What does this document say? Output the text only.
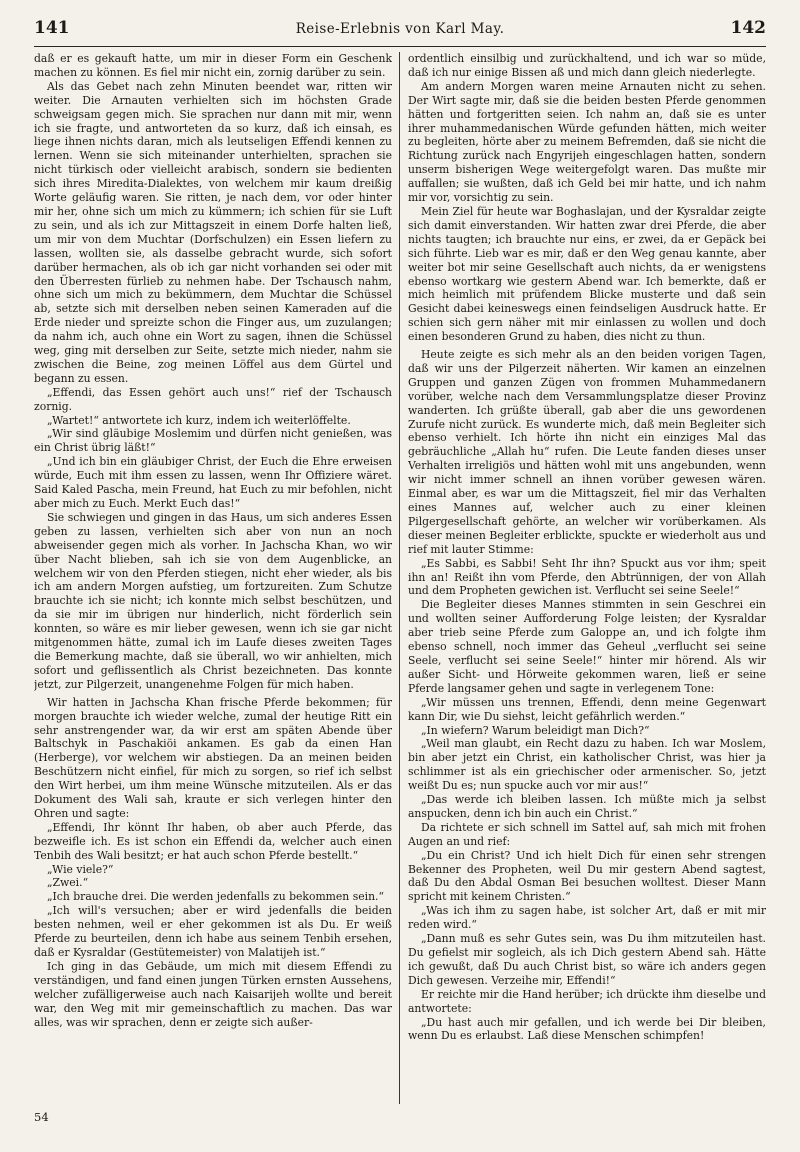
141	Reise-Erlebnis von Karl May.	142

daß er es gekauft hatte, um mir in dieser Form ein Geschenk machen zu können. Es fiel mir nicht ein, zornig darüber zu sein.

Als das Gebet nach zehn Minuten beendet war, ritten wir weiter. Die Arnauten verhielten sich im höchsten Grade schweigsam gegen mich. Sie sprachen nur dann mit mir, wenn ich sie fragte, und antworteten da so kurz, daß ich einsah, es liege ihnen nichts daran, mich als leutseligen Effendi kennen zu lernen. Wenn sie sich miteinander unterhielten, sprachen sie nicht türkisch oder vielleicht arabisch, sondern sie bedienten sich ihres Miredita-Dialektes, von welchem mir kaum dreißig Worte geläufig waren. Sie ritten, je nach dem, vor oder hinter mir her, ohne sich um mich zu kümmern; ich schien für sie Luft zu sein, und als ich zur Mittagszeit in einem Dorfe halten ließ, um mir von dem Muchtar (Dorfschulzen) ein Essen liefern zu lassen, wollten sie, als dasselbe gebracht wurde, sich sofort darüber hermachen, als ob ich gar nicht vorhanden sei oder mit den Überresten fürlieb zu nehmen habe. Der Tschausch nahm, ohne sich um mich zu bekümmern, dem Muchtar die Schüssel ab, setzte sich mit derselben neben seinen Kameraden auf die Erde nieder und spreizte schon die Finger aus, um zuzulangen; da nahm ich, auch ohne ein Wort zu sagen, ihnen die Schüssel weg, ging mit derselben zur Seite, setzte mich nieder, nahm sie zwischen die Beine, zog meinen Löffel aus dem Gürtel und begann zu essen.

„Effendi, das Essen gehört auch uns!“ rief der Tschausch zornig.

„Wartet!“ antwortete ich kurz, indem ich weiterlöffelte.

„Wir sind gläubige Moslemim und dürfen nicht genießen, was ein Christ übrig läßt!“

„Und ich bin ein gläubiger Christ, der Euch die Ehre erweisen würde, Euch mit ihm essen zu lassen, wenn Ihr Offiziere wäret. Said Kaled Pascha, mein Freund, hat Euch zu mir befohlen, nicht aber mich zu Euch. Merkt Euch das!“

Sie schwiegen und gingen in das Haus, um sich anderes Essen geben zu lassen, verhielten sich aber von nun an noch abweisender gegen mich als vorher. In Jachscha Khan, wo wir über Nacht blieben, sah ich sie von dem Augenblicke, an welchem wir von den Pferden stiegen, nicht eher wieder, als bis ich am andern Morgen aufstieg, um fortzureiten. Zum Schutze brauchte ich sie nicht; ich konnte mich selbst beschützen, und da sie mir im übrigen nur hinderlich, nicht förderlich sein konnten, so wäre es mir lieber gewesen, wenn ich sie gar nicht mitgenommen hätte, zumal ich im Laufe dieses zweiten Tages die Bemerkung machte, daß sie überall, wo wir anhielten, mich sofort und geflissentlich als Christ bezeichneten. Das konnte jetzt, zur Pilgerzeit, unangenehme Folgen für mich haben.

Wir hatten in Jachscha Khan frische Pferde bekommen; für morgen brauchte ich wieder welche, zumal der heutige Ritt ein sehr anstrengender war, da wir erst am späten Abende über Baltschyk in Paschakiöi ankamen. Es gab da einen Han (Herberge), vor welchem wir abstiegen. Da an meinen beiden Beschützern nicht einfiel, für mich zu sorgen, so rief ich selbst den Wirt herbei, um ihm meine Wünsche mitzuteilen. Als er das Dokument des Wali sah, kraute er sich verlegen hinter den Ohren und sagte:

„Effendi, Ihr könnt Ihr haben, ob aber auch Pferde, das bezweifle ich. Es ist schon ein Effendi da, welcher auch einen Tenbih des Wali besitzt; er hat auch schon Pferde bestellt.“

„Wie viele?“

„Zwei.“

„Ich brauche drei. Die werden jedenfalls zu bekommen sein.“

„Ich will's versuchen; aber er wird jedenfalls die beiden besten nehmen, weil er eher gekommen ist als Du. Er weiß Pferde zu beurteilen, denn ich habe aus seinem Tenbih ersehen, daß er Kysraldar (Gestütemeister) von Malatijeh ist.“

Ich ging in das Gebäude, um mich mit diesem Effendi zu verständigen, und fand einen jungen Türken ernsten Aussehens, welcher zufälligerweise auch nach Kaisarijeh wollte und bereit war, den Weg mit mir gemeinschaftlich zu machen. Das war alles, was wir sprachen, denn er zeigte sich außer-

ordentlich einsilbig und zurückhaltend, und ich war so müde, daß ich nur einige Bissen aß und mich dann gleich niederlegte.

Am andern Morgen waren meine Arnauten nicht zu sehen. Der Wirt sagte mir, daß sie die beiden besten Pferde genommen hätten und fortgeritten seien. Ich nahm an, daß sie es unter ihrer muhammedanischen Würde gefunden hätten, mich weiter zu begleiten, hörte aber zu meinem Befremden, daß sie nicht die Richtung zurück nach Engyrijeh eingeschlagen hatten, sondern unserm bisherigen Wege weitergefolgt waren. Das mußte mir auffallen; sie wußten, daß ich Geld bei mir hatte, und ich nahm mir vor, vorsichtig zu sein.

Mein Ziel für heute war Boghaslajan, und der Kysraldar zeigte sich damit einverstanden. Wir hatten zwar drei Pferde, die aber nichts taugten; ich brauchte nur eins, er zwei, da er Gepäck bei sich führte. Lieb war es mir, daß er den Weg genau kannte, aber weiter bot mir seine Gesellschaft auch nichts, da er wenigstens ebenso wortkarg wie gestern Abend war. Ich bemerkte, daß er mich heimlich mit prüfendem Blicke musterte und daß sein Gesicht dabei keineswegs einen feindseligen Ausdruck hatte. Er schien sich gern näher mit mir einlassen zu wollen und doch einen besonderen Grund zu haben, dies nicht zu thun.

Heute zeigte es sich mehr als an den beiden vorigen Tagen, daß wir uns der Pilgerzeit näherten. Wir kamen an einzelnen Gruppen und ganzen Zügen von frommen Muhammedanern vorüber, welche nach dem Versammlungsplatze dieser Provinz wanderten. Ich grüßte überall, gab aber die uns gewordenen Zurufe nicht zurück. Es wunderte mich, daß mein Begleiter sich ebenso verhielt. Ich hörte ihn nicht ein einziges Mal das gebräuchliche „Allah hu“ rufen. Die Leute fanden dieses unser Verhalten irreligiös und hätten wohl mit uns angebunden, wenn wir nicht immer schnell an ihnen vorüber gewesen wären. Einmal aber, es war um die Mittagszeit, fiel mir das Verhalten eines Mannes auf, welcher auch zu einer kleinen Pilgergesellschaft gehörte, an welcher wir vorüberkamen. Als dieser meinen Begleiter erblickte, spuckte er wiederholt aus und rief mit lauter Stimme:

„Es Sabbi, es Sabbi! Seht Ihr ihn? Spuckt aus vor ihm; speit ihn an! Reißt ihn vom Pferde, den Abtrünnigen, der von Allah und dem Propheten gewichen ist. Verflucht sei seine Seele!“

Die Begleiter dieses Mannes stimmten in sein Geschrei ein und wollten seiner Aufforderung Folge leisten; der Kysraldar aber trieb seine Pferde zum Galoppe an, und ich folgte ihm ebenso schnell, noch immer das Geheul „verflucht sei seine Seele, verflucht sei seine Seele!“ hinter mir hörend. Als wir außer Sicht- und Hörweite gekommen waren, ließ er seine Pferde langsamer gehen und sagte in verlegenem Tone:

„Wir müssen uns trennen, Effendi, denn meine Gegenwart kann Dir, wie Du siehst, leicht gefährlich werden.“

„In wiefern? Warum beleidigt man Dich?“

„Weil man glaubt, ein Recht dazu zu haben. Ich war Moslem, bin aber jetzt ein Christ, ein katholischer Christ, was hier ja schlimmer ist als ein griechischer oder armenischer. So, jetzt weißt Du es; nun spucke auch vor mir aus!“

„Das werde ich bleiben lassen. Ich müßte mich ja selbst anspucken, denn ich bin auch ein Christ.“

Da richtete er sich schnell im Sattel auf, sah mich mit frohen Augen an und rief:

„Du ein Christ? Und ich hielt Dich für einen sehr strengen Bekenner des Propheten, weil Du mir gestern Abend sagtest, daß Du den Abdal Osman Bei besuchen wolltest. Dieser Mann spricht mit keinem Christen.“

„Was ich ihm zu sagen habe, ist solcher Art, daß er mit mir reden wird.“

„Dann muß es sehr Gutes sein, was Du ihm mitzuteilen hast. Du gefielst mir sogleich, als ich Dich gestern Abend sah. Hätte ich gewußt, daß Du auch Christ bist, so wäre ich anders gegen Dich gewesen. Verzeihe mir, Effendi!“

Er reichte mir die Hand herüber; ich drückte ihm dieselbe und antwortete:

„Du hast auch mir gefallen, und ich werde bei Dir bleiben, wenn Du es erlaubst. Laß diese Menschen schimpfen!

54
